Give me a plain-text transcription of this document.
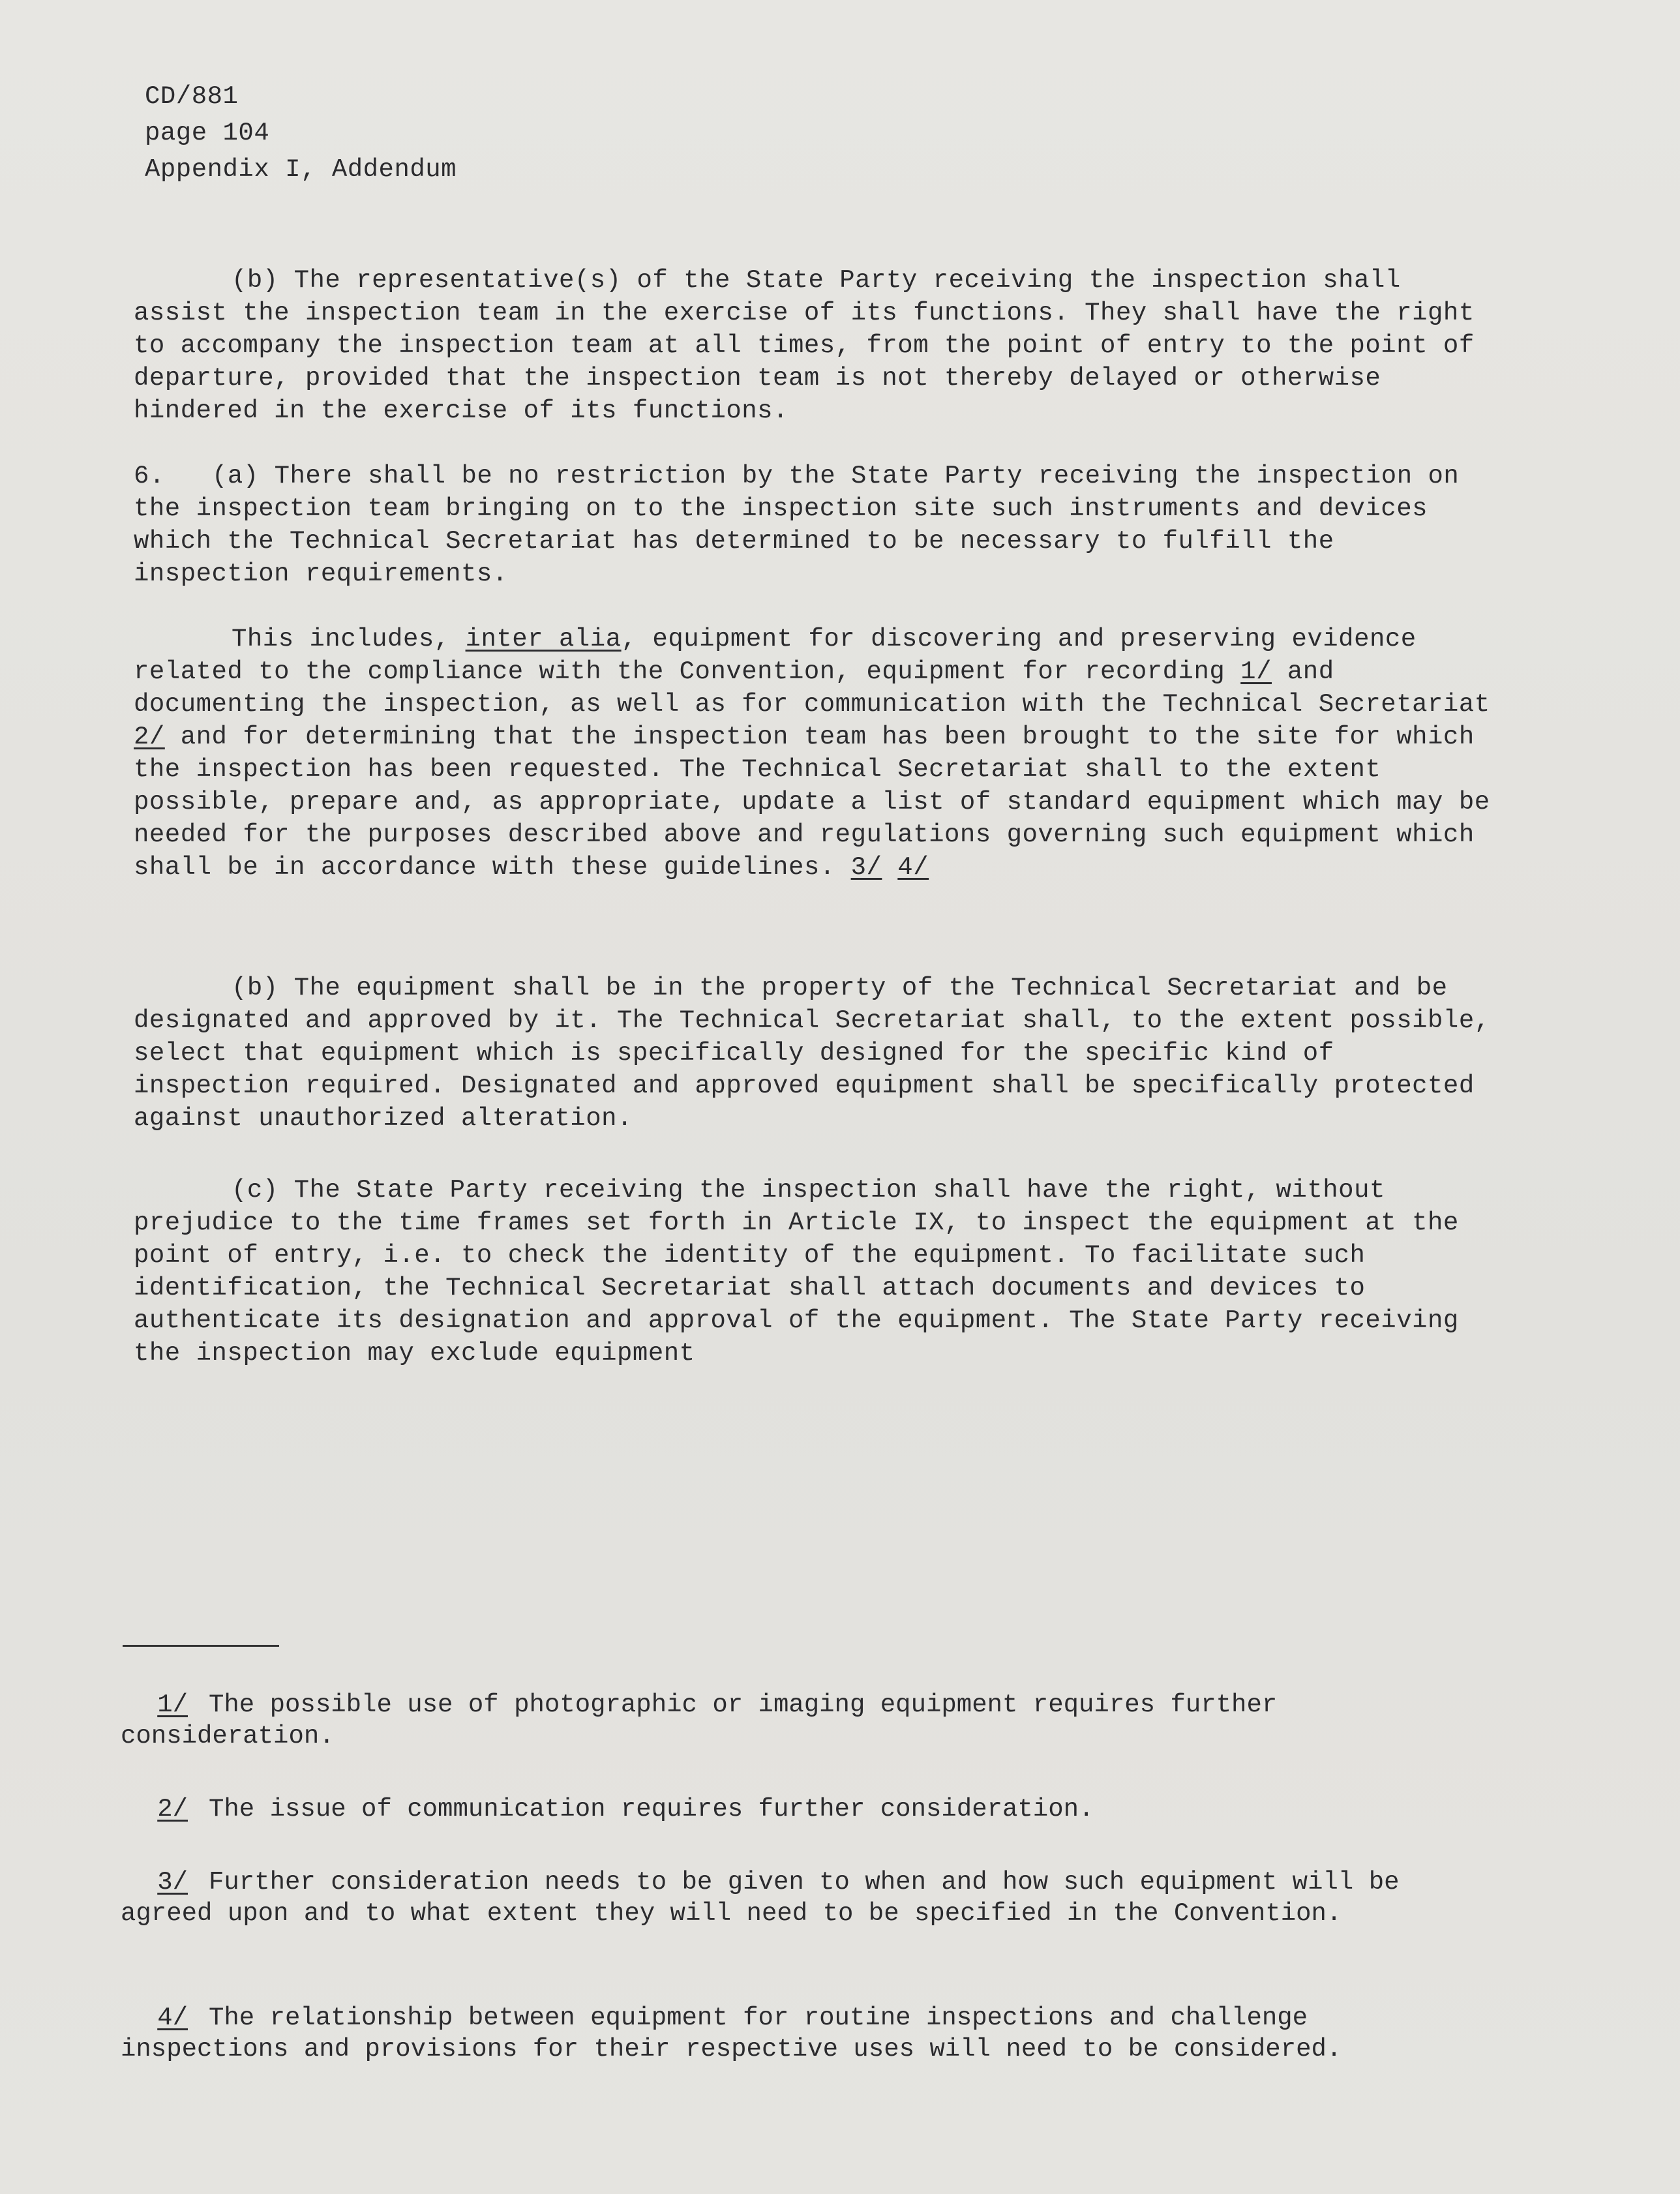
CD/881
page 104
Appendix I, Addendum
(b) The representative(s) of the State Party receiving the inspection shall assist the inspection team in the exercise of its functions. They shall have the right to accompany the inspection team at all times, from the point of entry to the point of departure, provided that the inspection team is not thereby delayed or otherwise hindered in the exercise of its functions.
6. (a) There shall be no restriction by the State Party receiving the inspection on the inspection team bringing on to the inspection site such instruments and devices which the Technical Secretariat has determined to be necessary to fulfill the inspection requirements.
This includes, inter alia, equipment for discovering and preserving evidence related to the compliance with the Convention, equipment for recording 1/ and documenting the inspection, as well as for communication with the Technical Secretariat 2/ and for determining that the inspection team has been brought to the site for which the inspection has been requested. The Technical Secretariat shall to the extent possible, prepare and, as appropriate, update a list of standard equipment which may be needed for the purposes described above and regulations governing such equipment which shall be in accordance with these guidelines. 3/ 4/
(b) The equipment shall be in the property of the Technical Secretariat and be designated and approved by it. The Technical Secretariat shall, to the extent possible, select that equipment which is specifically designed for the specific kind of inspection required. Designated and approved equipment shall be specifically protected against unauthorized alteration.
(c) The State Party receiving the inspection shall have the right, without prejudice to the time frames set forth in Article IX, to inspect the equipment at the point of entry, i.e. to check the identity of the equipment. To facilitate such identification, the Technical Secretariat shall attach documents and devices to authenticate its designation and approval of the equipment. The State Party receiving the inspection may exclude equipment
1/ The possible use of photographic or imaging equipment requires further consideration.
2/ The issue of communication requires further consideration.
3/ Further consideration needs to be given to when and how such equipment will be agreed upon and to what extent they will need to be specified in the Convention.
4/ The relationship between equipment for routine inspections and challenge inspections and provisions for their respective uses will need to be considered.
